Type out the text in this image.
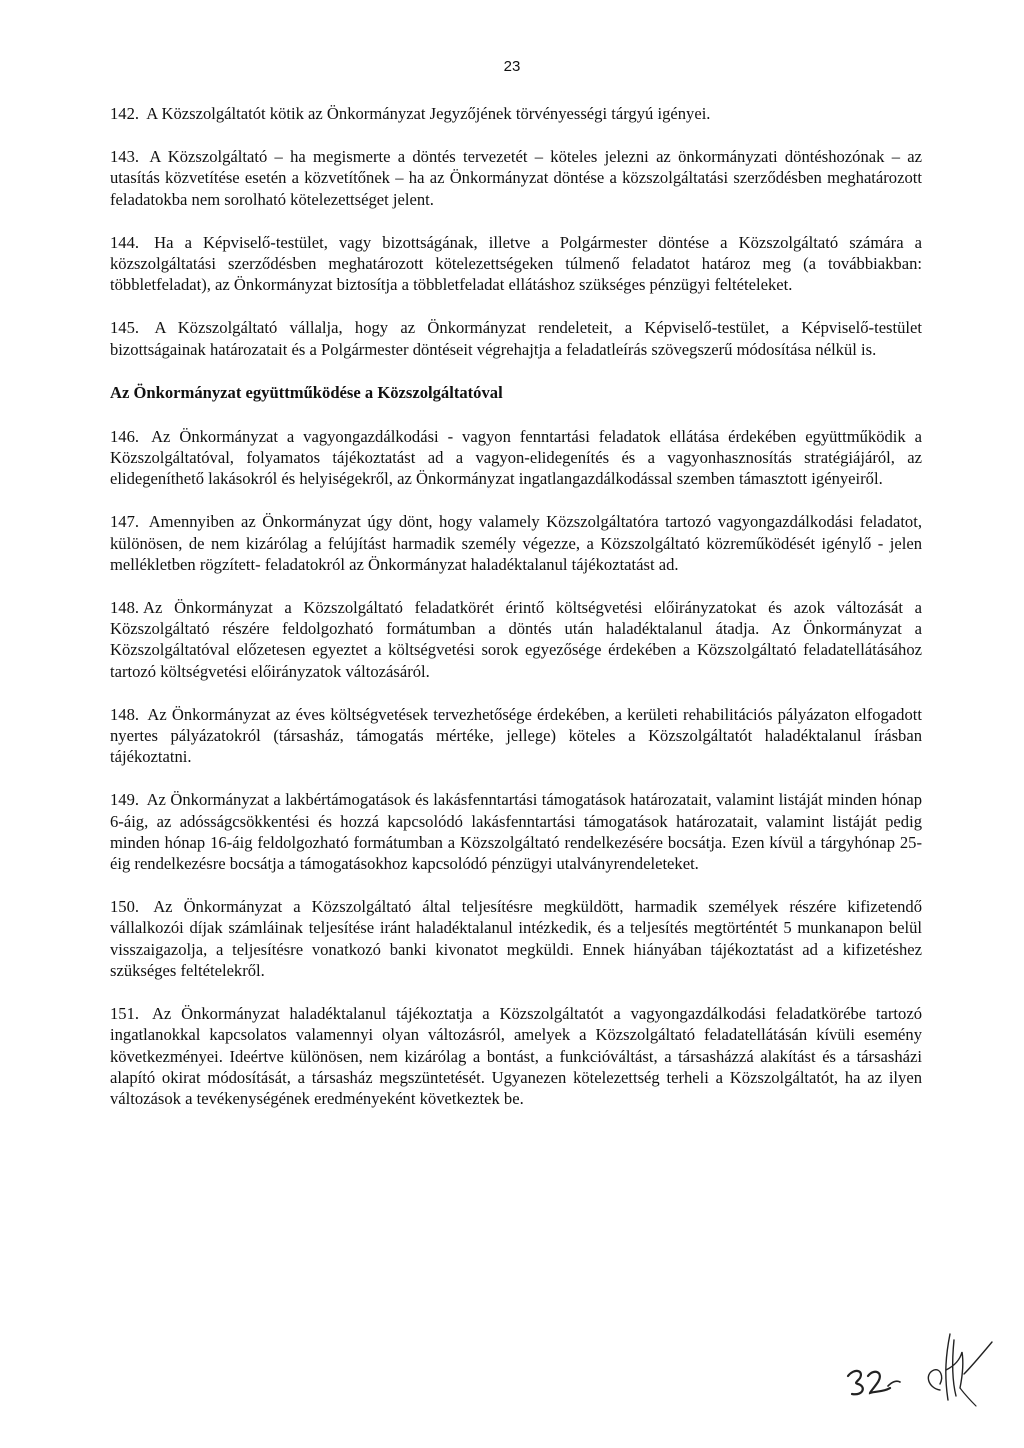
23

142. A Közszolgáltatót kötik az Önkormányzat Jegyzőjének törvényességi tárgyú igényei.

143. A Közszolgáltató – ha megismerte a döntés tervezetét – köteles jelezni az önkormányzati döntéshozónak – az utasítás közvetítése esetén a közvetítőnek – ha az Önkormányzat döntése a közszolgáltatási szerződésben meghatározott feladatokba nem sorolható kötelezettséget jelent.

144. Ha a Képviselő-testület, vagy bizottságának, illetve a Polgármester döntése a Közszolgáltató számára a közszolgáltatási szerződésben meghatározott kötelezettségeken túlmenő feladatot határoz meg (a továbbiakban: többletfeladat), az Önkormányzat biztosítja a többletfeladat ellátáshoz szükséges pénzügyi feltételeket.

145. A Közszolgáltató vállalja, hogy az Önkormányzat rendeleteit, a Képviselő-testület, a Képviselő-testület bizottságainak határozatait és a Polgármester döntéseit végrehajtja a feladatleírás szövegszerű módosítása nélkül is.

Az Önkormányzat együttműködése a Közszolgáltatóval

146. Az Önkormányzat a vagyongazdálkodási - vagyon fenntartási feladatok ellátása érdekében együttműködik a Közszolgáltatóval, folyamatos tájékoztatást ad a vagyon-elidegenítés és a vagyonhasznosítás stratégiájáról, az elidegeníthető lakásokról és helyiségekről, az Önkormányzat ingatlangazdálkodással szemben támasztott igényeiről.

147. Amennyiben az Önkormányzat úgy dönt, hogy valamely Közszolgáltatóra tartozó vagyongazdálkodási feladatot, különösen, de nem kizárólag a felújítást harmadik személy végezze, a Közszolgáltató közreműködését igénylő - jelen mellékletben rögzített- feladatokról az Önkormányzat haladéktalanul tájékoztatást ad.

148. Az Önkormányzat a Közszolgáltató feladatkörét érintő költségvetési előirányzatokat és azok változását a Közszolgáltató részére feldolgozható formátumban a döntés után haladéktalanul átadja. Az Önkormányzat a Közszolgáltatóval előzetesen egyeztet a költségvetési sorok egyezősége érdekében a Közszolgáltató feladatellátásához tartozó költségvetési előirányzatok változásáról.

148. Az Önkormányzat az éves költségvetések tervezhetősége érdekében, a kerületi rehabilitációs pályázaton elfogadott nyertes pályázatokról (társasház, támogatás mértéke, jellege) köteles a Közszolgáltatót haladéktalanul írásban tájékoztatni.

149. Az Önkormányzat a lakbértámogatások és lakásfenntartási támogatások határozatait, valamint listáját minden hónap 6-áig, az adósságcsökkentési és hozzá kapcsolódó lakásfenntartási támogatások határozatait, valamint listáját pedig minden hónap 16-áig feldolgozható formátumban a Közszolgáltató rendelkezésére bocsátja. Ezen kívül a tárgyhónap 25-éig rendelkezésre bocsátja a támogatásokhoz kapcsolódó pénzügyi utalványrendeleteket.

150. Az Önkormányzat a Közszolgáltató által teljesítésre megküldött, harmadik személyek részére kifizetendő vállalkozói díjak számláinak teljesítése iránt haladéktalanul intézkedik, és a teljesítés megtörténtét 5 munkanapon belül visszaigazolja, a teljesítésre vonatkozó banki kivonatot megküldi. Ennek hiányában tájékoztatást ad a kifizetéshez szükséges feltételekről.

151. Az Önkormányzat haladéktalanul tájékoztatja a Közszolgáltatót a vagyongazdálkodási feladatkörébe tartozó ingatlanokkal kapcsolatos valamennyi olyan változásról, amelyek a Közszolgáltató feladatellátásán kívüli esemény következményei. Ideértve különösen, nem kizárólag a bontást, a funkcióváltást, a társasházzá alakítást és a társasházi alapító okirat módosítását, a társasház megszüntetését. Ugyanezen kötelezettség terheli a Közszolgáltatót, ha az ilyen változások a tevékenységének eredményeként következtek be.
